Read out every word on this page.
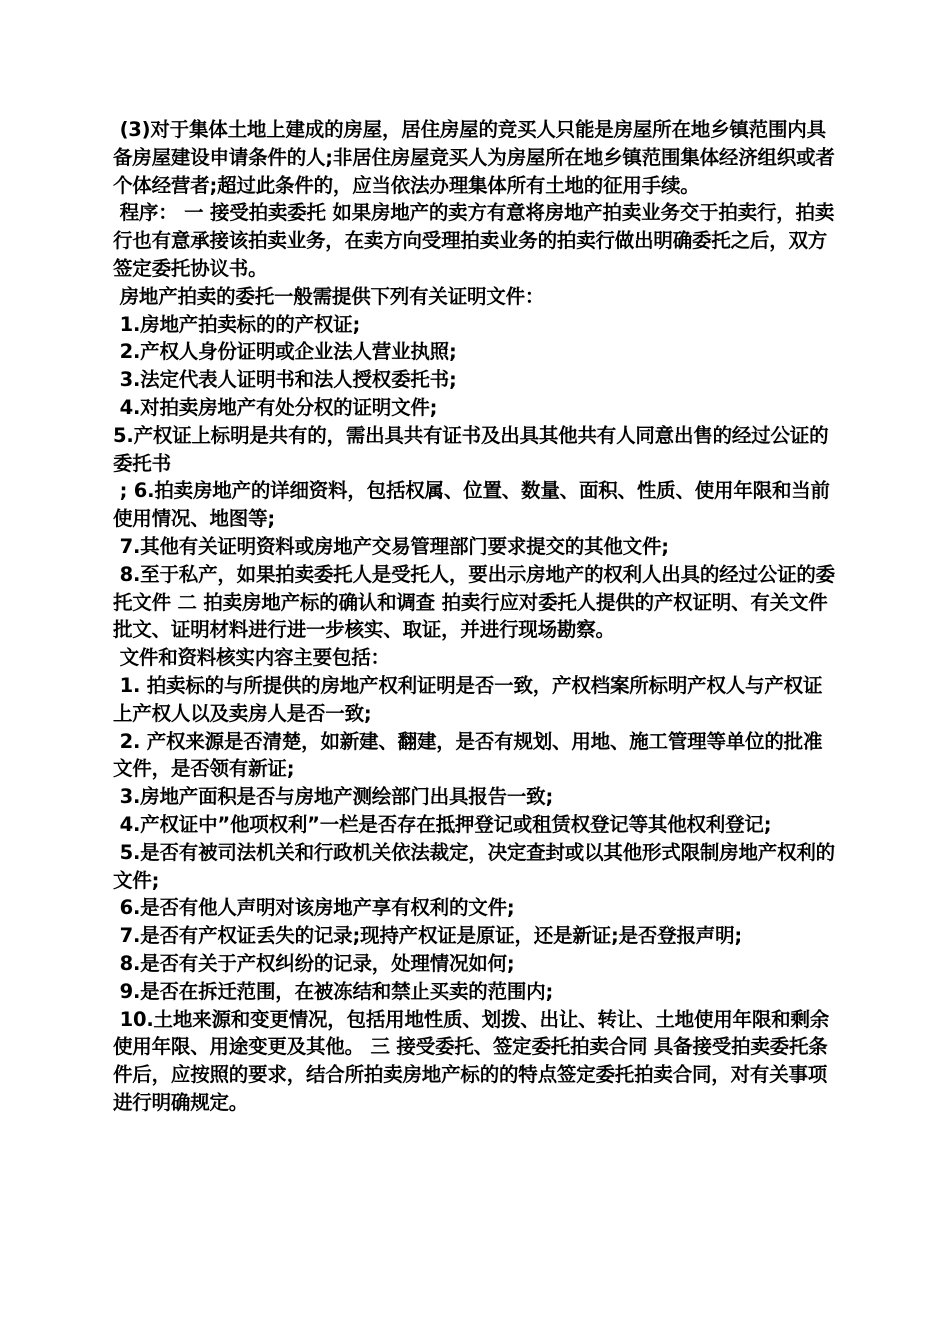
(3)对于集体土地上建成的房屋，居住房屋的竞买人只能是房屋所在地乡镇范围内具备房屋建设申请条件的人;非居住房屋竞买人为房屋所在地乡镇范围集体经济组织或者个体经营者;超过此条件的，应当依法办理集体所有土地的征用手续。

程序： 一 接受拍卖委托 如果房地产的卖方有意将房地产拍卖业务交于拍卖行，拍卖行也有意承接该拍卖业务，在卖方向受理拍卖业务的拍卖行做出明确委托之后，双方签定委托协议书。

房地产拍卖的委托一般需提供下列有关证明文件：

1.房地产拍卖标的的产权证;

2.产权人身份证明或企业法人营业执照;

3.法定代表人证明书和法人授权委托书;

4.对拍卖房地产有处分权的证明文件;

5.产权证上标明是共有的，需出具共有证书及出具其他共有人同意出售的经过公证的委托书

; 6.拍卖房地产的详细资料，包括权属、位置、数量、面积、性质、使用年限和当前使用情况、地图等;

7.其他有关证明资料或房地产交易管理部门要求提交的其他文件;

8.至于私产，如果拍卖委托人是受托人，要出示房地产的权利人出具的经过公证的委托文件 二 拍卖房地产标的确认和调查 拍卖行应对委托人提供的产权证明、有关文件批文、证明材料进行进一步核实、取证，并进行现场勘察。

文件和资料核实内容主要包括：

1. 拍卖标的与所提供的房地产权利证明是否一致，产权档案所标明产权人与产权证上产权人以及卖房人是否一致;

2. 产权来源是否清楚，如新建、翻建，是否有规划、用地、施工管理等单位的批准文件，是否领有新证;

3.房地产面积是否与房地产测绘部门出具报告一致;

4.产权证中”他项权利”一栏是否存在抵押登记或租赁权登记等其他权利登记;

5.是否有被司法机关和行政机关依法裁定，决定查封或以其他形式限制房地产权利的文件;

6.是否有他人声明对该房地产享有权利的文件;

7.是否有产权证丢失的记录;现持产权证是原证，还是新证;是否登报声明;

8.是否有关于产权纠纷的记录，处理情况如何;

9.是否在拆迁范围，在被冻结和禁止买卖的范围内;

10.土地来源和变更情况，包括用地性质、划拨、出让、转让、土地使用年限和剩余使用年限、用途变更及其他。 三 接受委托、签定委托拍卖合同 具备接受拍卖委托条件后，应按照的要求，结合所拍卖房地产标的的特点签定委托拍卖合同，对有关事项进行明确规定。
